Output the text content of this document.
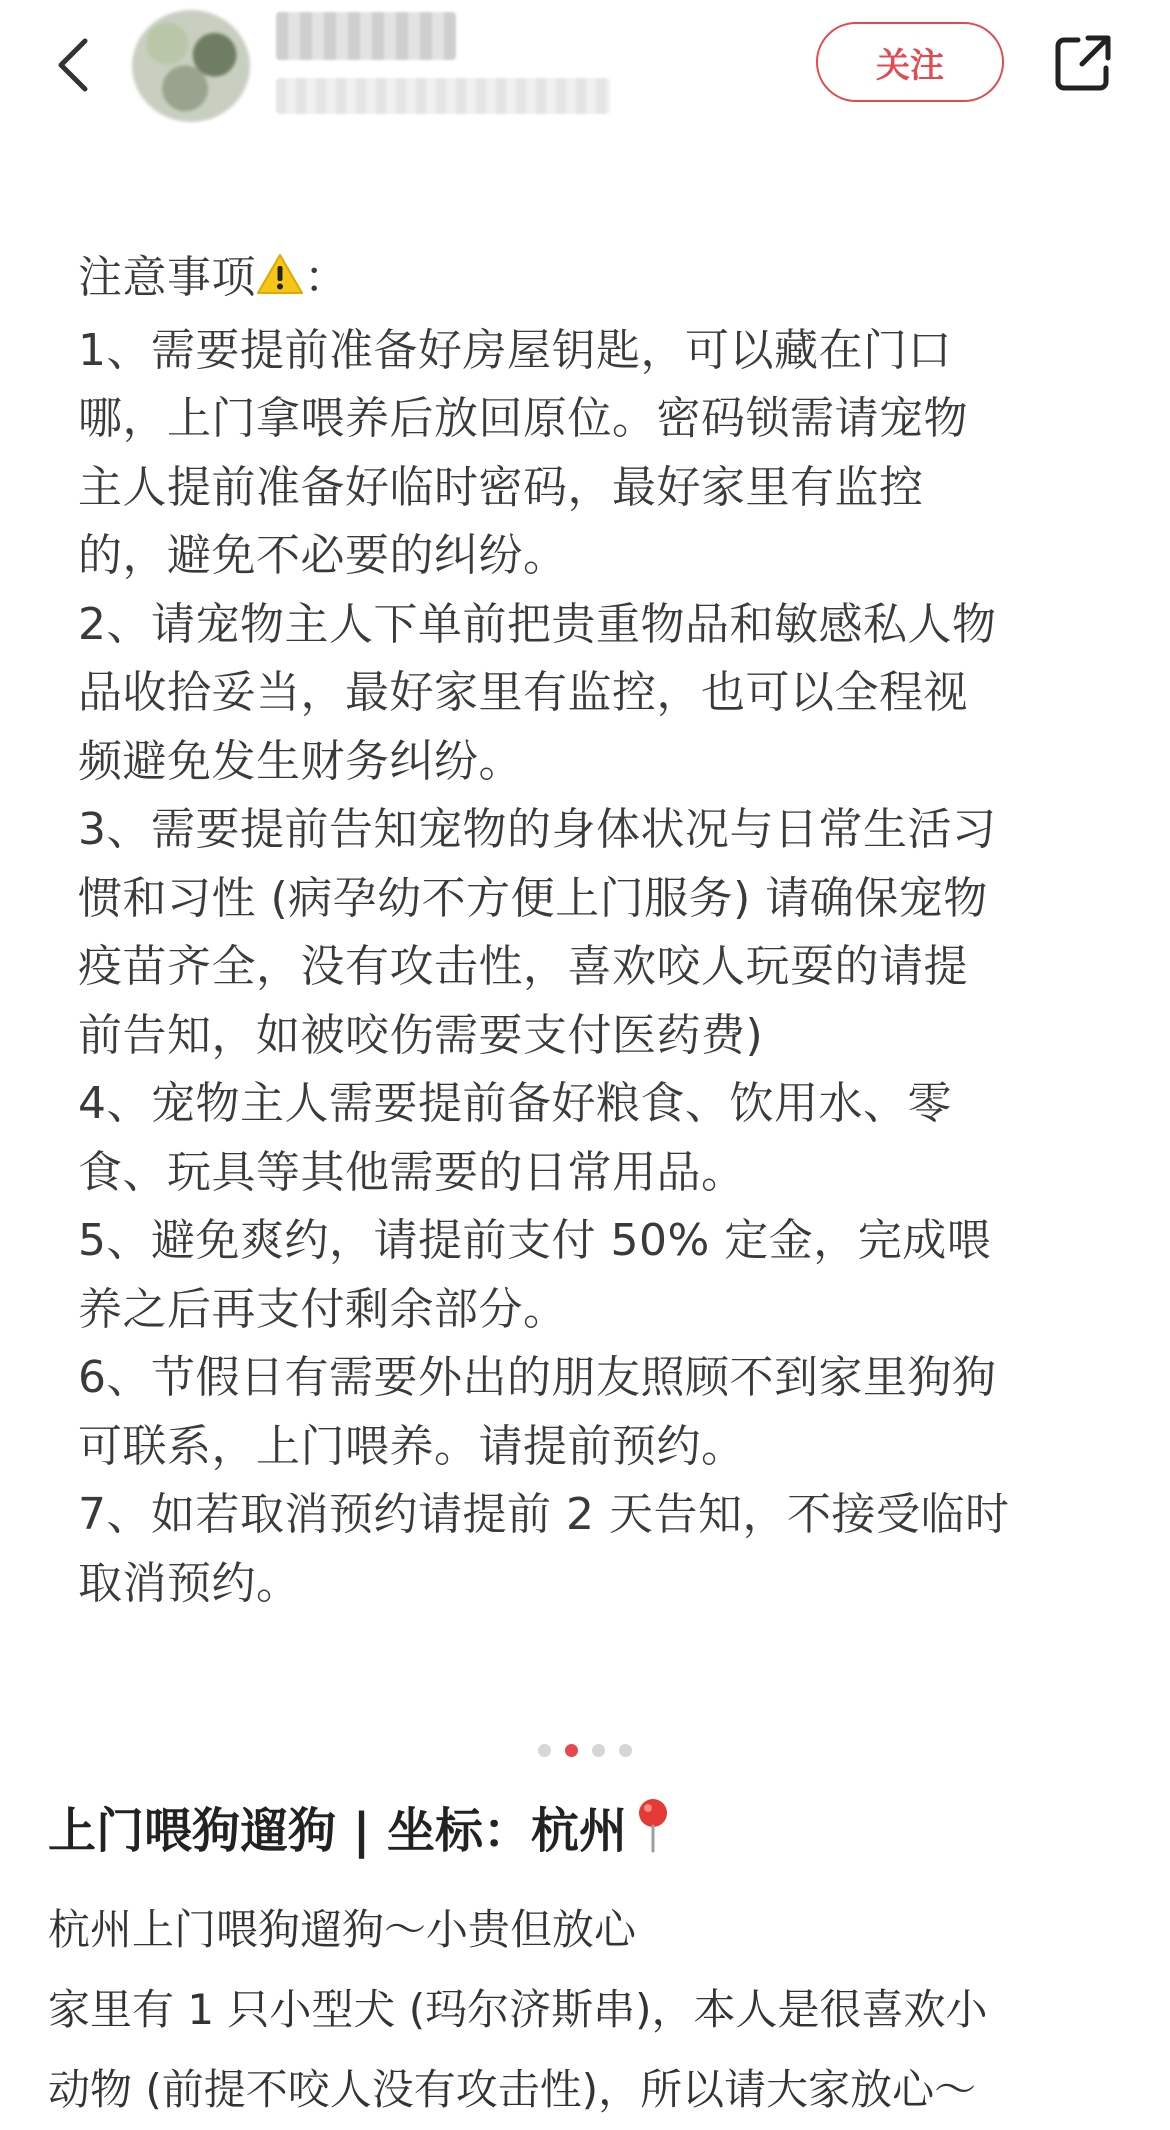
关注
注意事项 ：
1、需要提前准备好房屋钥匙，可以藏在门口
哪，上门拿喂养后放回原位。密码锁需请宠物
主人提前准备好临时密码，最好家里有监控
的，避免不必要的纠纷。
2、请宠物主人下单前把贵重物品和敏感私人物
品收拾妥当，最好家里有监控，也可以全程视
频避免发生财务纠纷。
3、需要提前告知宠物的身体状况与日常生活习
惯和习性 (病孕幼不方便上门服务) 请确保宠物
疫苗齐全，没有攻击性，喜欢咬人玩耍的请提
前告知，如被咬伤需要支付医药费)
4、宠物主人需要提前备好粮食、饮用水、零
食、玩具等其他需要的日常用品。
5、避免爽约，请提前支付 50% 定金，完成喂
养之后再支付剩余部分。
6、节假日有需要外出的朋友照顾不到家里狗狗
可联系，上门喂养。请提前预约。
7、如若取消预约请提前 2 天告知，不接受临时
取消预约。
上门喂狗遛狗 | 坐标：杭州
杭州上门喂狗遛狗～小贵但放心
家里有 1 只小型犬 (玛尔济斯串)，本人是很喜欢小
动物 (前提不咬人没有攻击性)，所以请大家放心～
